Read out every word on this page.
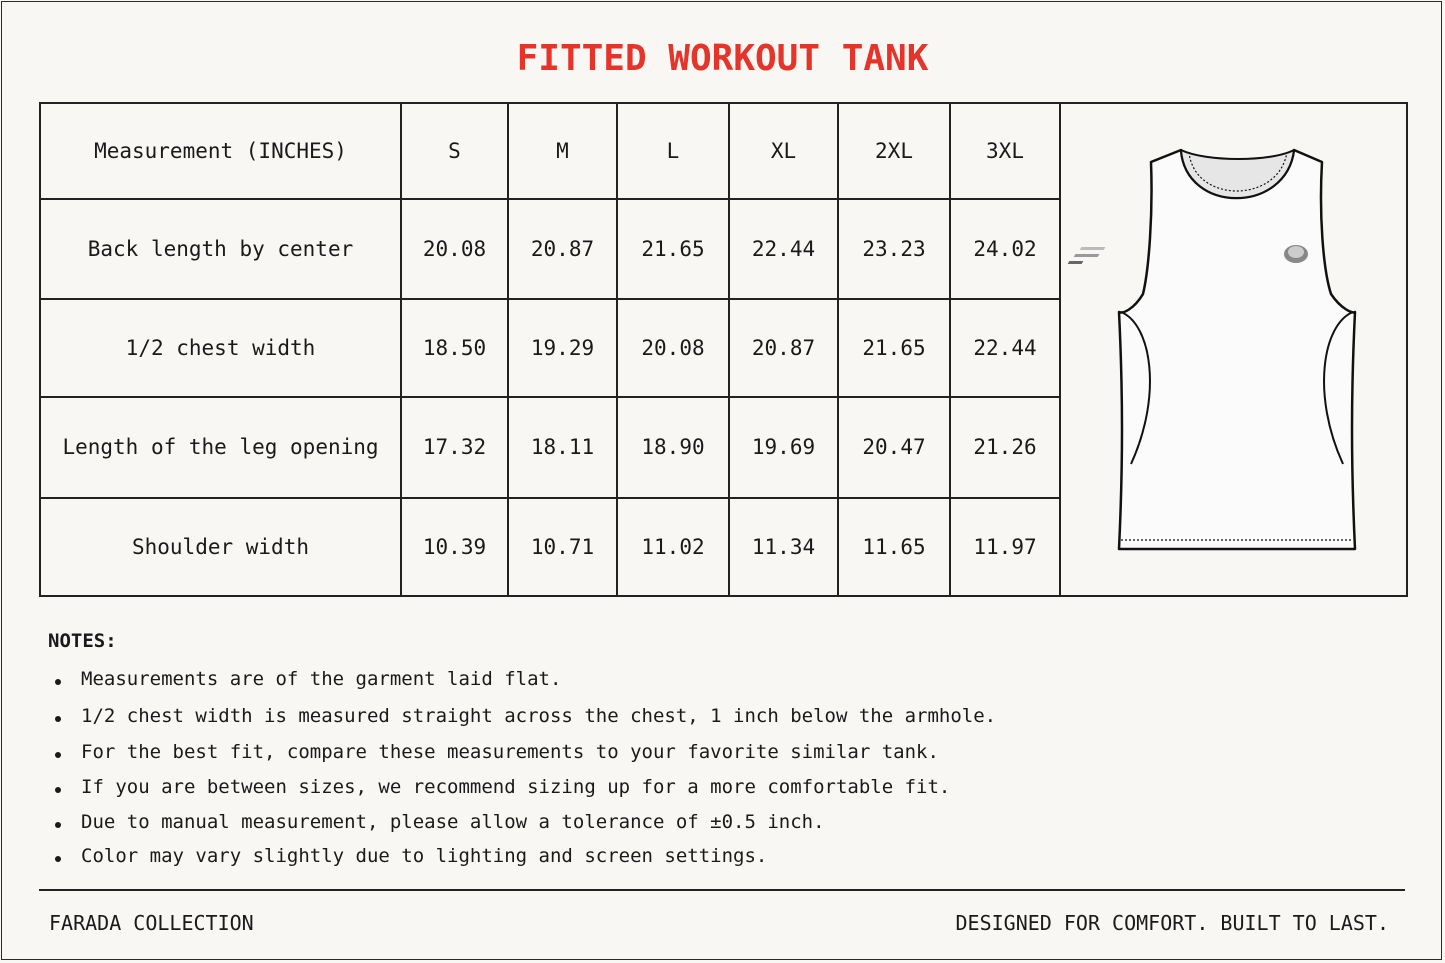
FITTED WORKOUT TANK
Measurement (INCHES)	S	M	L	XL	2XL	3XL	
Back length by center	20.08	20.87	21.65	22.44	23.23	24.02	
1/2 chest width	18.50	19.29	20.08	20.87	21.65	22.44	
Length of the leg opening	17.32	18.11	18.90	19.69	20.47	21.26	
Shoulder width	10.39	10.71	11.02	11.34	11.65	11.97	
NOTES:
Measurements are of the garment laid flat.
1/2 chest width is measured straight across the chest, 1 inch below the armhole.
For the best fit, compare these measurements to your favorite similar tank.
If you are between sizes, we recommend sizing up for a more comfortable fit.
Due to manual measurement, please allow a tolerance of ±0.5 inch.
Color may vary slightly due to lighting and screen settings.
FARADA COLLECTION	DESIGNED FOR COMFORT. BUILT TO LAST.
